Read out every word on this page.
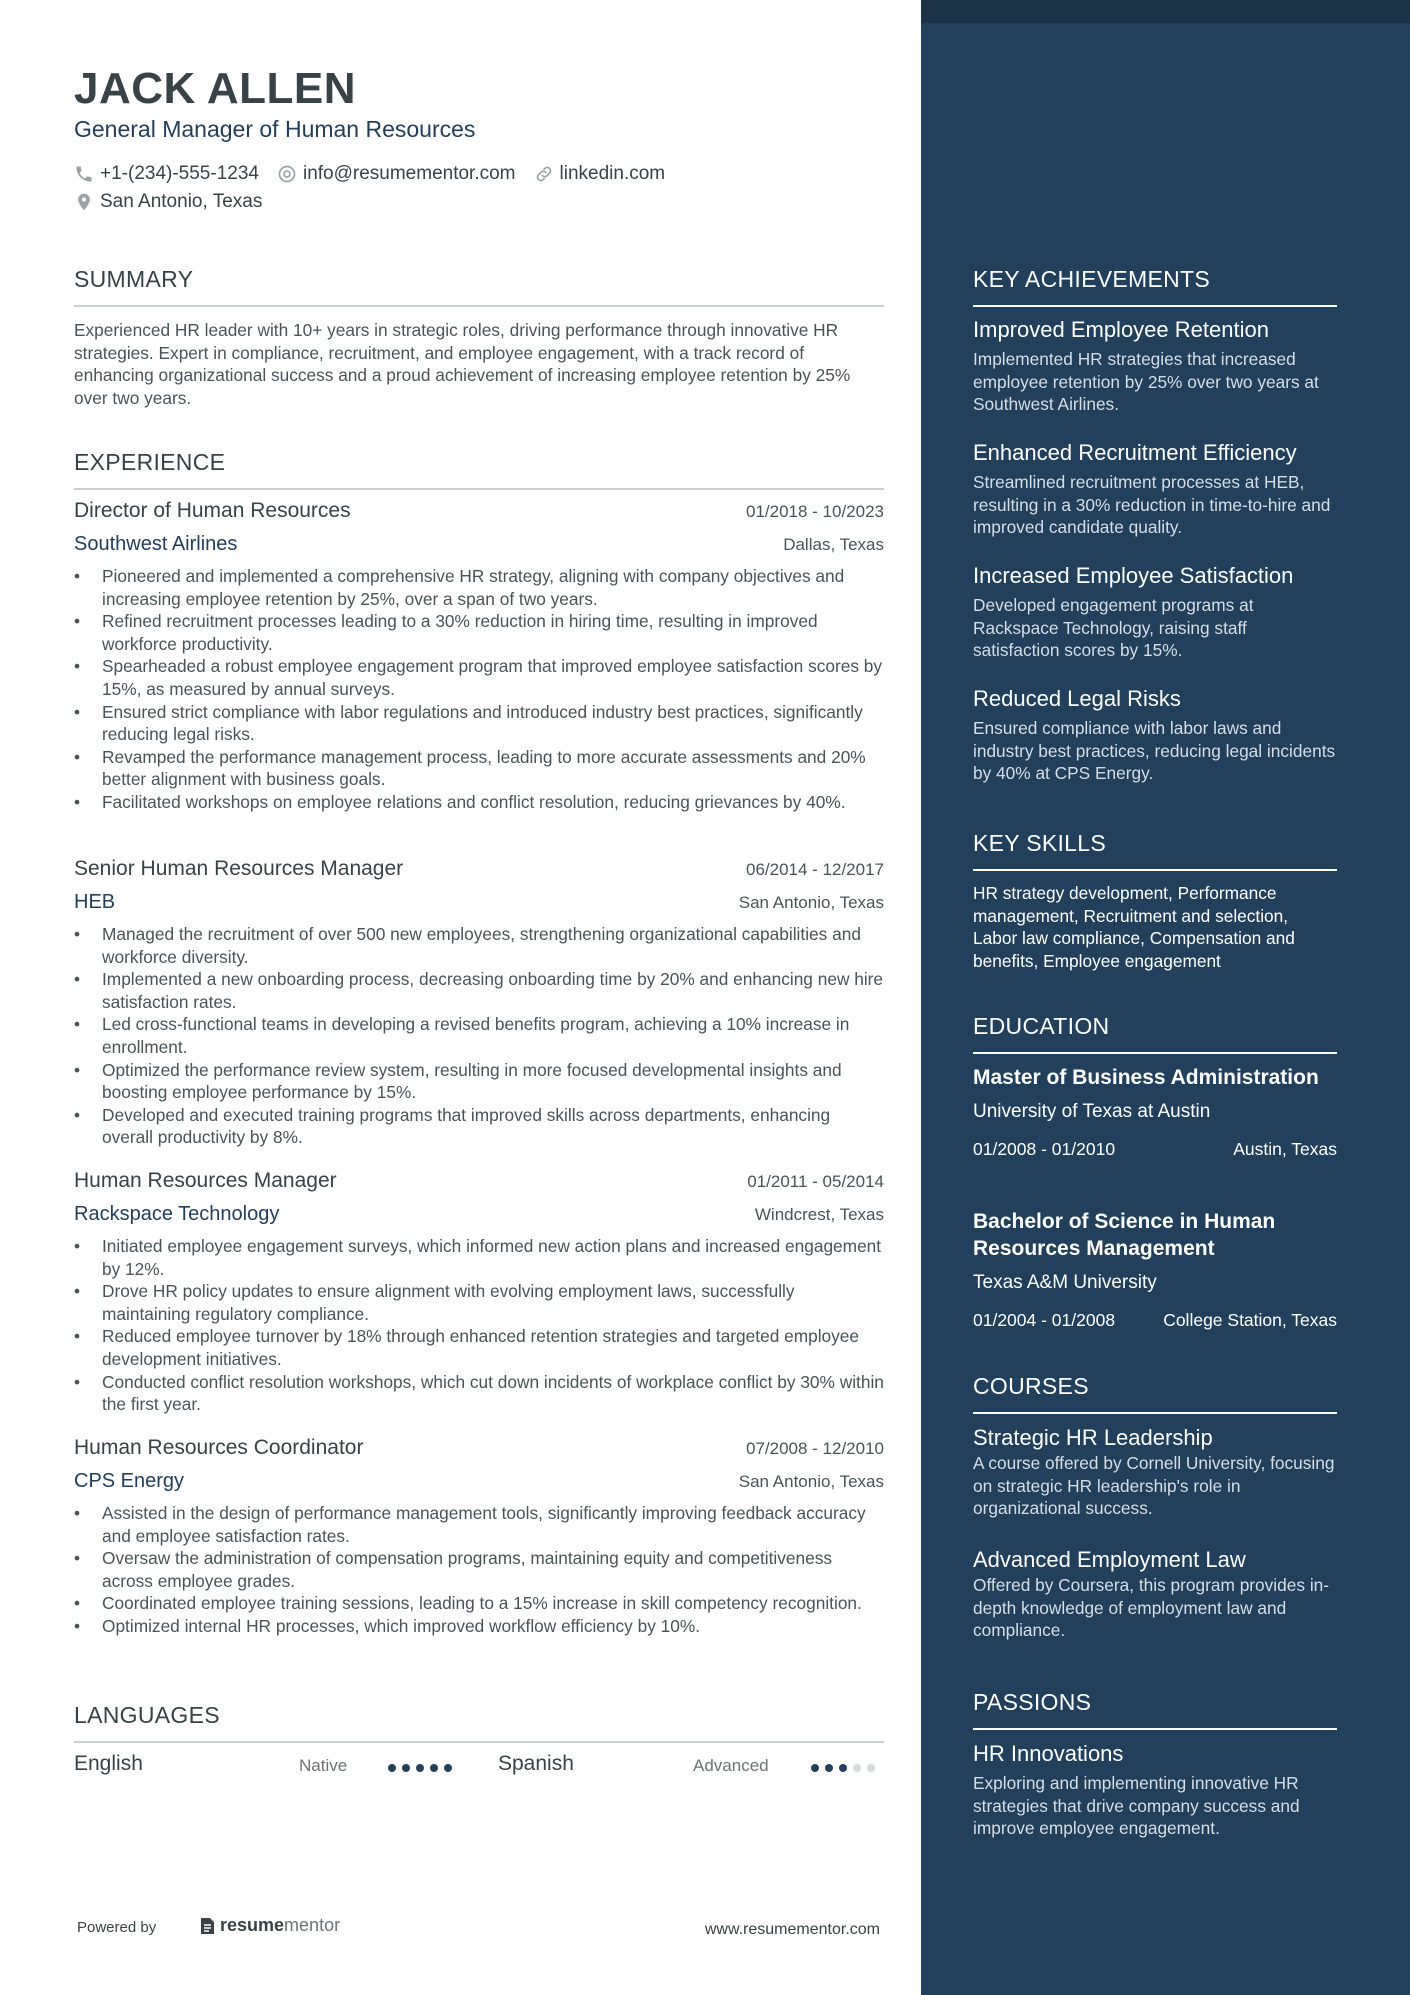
JACK ALLEN
General Manager of Human Resources
+1-(234)-555-1234 info@resumementor.com linkedin.com
San Antonio, Texas
SUMMARY
Experienced HR leader with 10+ years in strategic roles, driving performance through innovative HR strategies. Expert in compliance, recruitment, and employee engagement, with a track record of enhancing organizational success and a proud achievement of increasing employee retention by 25% over two years.
EXPERIENCE
Director of Human Resources	01/2018 - 10/2023
Southwest Airlines	Dallas, Texas
• Pioneered and implemented a comprehensive HR strategy, aligning with company objectives and increasing employee retention by 25%, over a span of two years.
• Refined recruitment processes leading to a 30% reduction in hiring time, resulting in improved workforce productivity.
• Spearheaded a robust employee engagement program that improved employee satisfaction scores by 15%, as measured by annual surveys.
• Ensured strict compliance with labor regulations and introduced industry best practices, significantly reducing legal risks.
• Revamped the performance management process, leading to more accurate assessments and 20% better alignment with business goals.
• Facilitated workshops on employee relations and conflict resolution, reducing grievances by 40%.
Senior Human Resources Manager	06/2014 - 12/2017
HEB	San Antonio, Texas
• Managed the recruitment of over 500 new employees, strengthening organizational capabilities and workforce diversity.
• Implemented a new onboarding process, decreasing onboarding time by 20% and enhancing new hire satisfaction rates.
• Led cross-functional teams in developing a revised benefits program, achieving a 10% increase in enrollment.
• Optimized the performance review system, resulting in more focused developmental insights and boosting employee performance by 15%.
• Developed and executed training programs that improved skills across departments, enhancing overall productivity by 8%.
Human Resources Manager	01/2011 - 05/2014
Rackspace Technology	Windcrest, Texas
• Initiated employee engagement surveys, which informed new action plans and increased engagement by 12%.
• Drove HR policy updates to ensure alignment with evolving employment laws, successfully maintaining regulatory compliance.
• Reduced employee turnover by 18% through enhanced retention strategies and targeted employee development initiatives.
• Conducted conflict resolution workshops, which cut down incidents of workplace conflict by 30% within the first year.
Human Resources Coordinator	07/2008 - 12/2010
CPS Energy	San Antonio, Texas
• Assisted in the design of performance management tools, significantly improving feedback accuracy and employee satisfaction rates.
• Oversaw the administration of compensation programs, maintaining equity and competitiveness across employee grades.
• Coordinated employee training sessions, leading to a 15% increase in skill competency recognition.
• Optimized internal HR processes, which improved workflow efficiency by 10%.
LANGUAGES
English	Native	Spanish	Advanced
Powered by	resume mentor	www.resumementor.com
KEY ACHIEVEMENTS
Improved Employee Retention
Implemented HR strategies that increased employee retention by 25% over two years at Southwest Airlines.
Enhanced Recruitment Efficiency
Streamlined recruitment processes at HEB, resulting in a 30% reduction in time-to-hire and improved candidate quality.
Increased Employee Satisfaction
Developed engagement programs at Rackspace Technology, raising staff satisfaction scores by 15%.
Reduced Legal Risks
Ensured compliance with labor laws and industry best practices, reducing legal incidents by 40% at CPS Energy.
KEY SKILLS
HR strategy development, Performance management, Recruitment and selection, Labor law compliance, Compensation and benefits, Employee engagement
EDUCATION
Master of Business Administration
University of Texas at Austin
01/2008 - 01/2010	Austin, Texas
Bachelor of Science in Human Resources Management
Texas A&M University
01/2004 - 01/2008	College Station, Texas
COURSES
Strategic HR Leadership
A course offered by Cornell University, focusing on strategic HR leadership's role in organizational success.
Advanced Employment Law
Offered by Coursera, this program provides in-depth knowledge of employment law and compliance.
PASSIONS
HR Innovations
Exploring and implementing innovative HR strategies that drive company success and improve employee engagement.
